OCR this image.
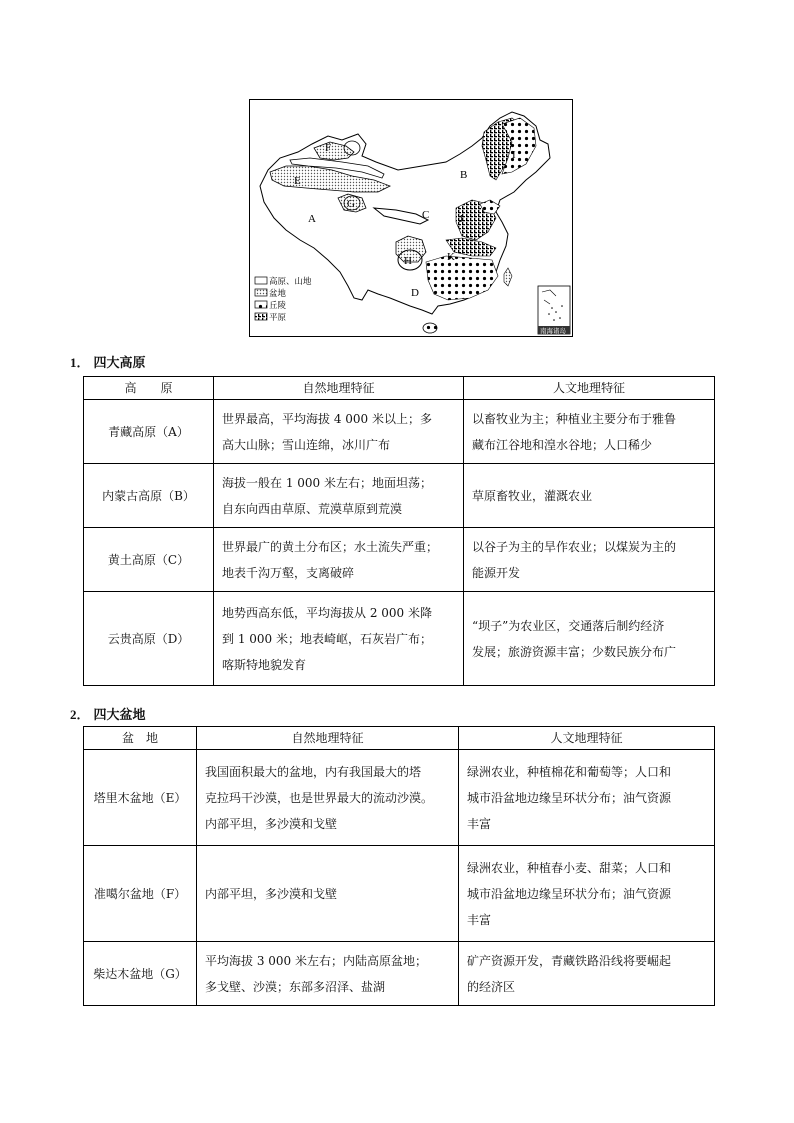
A
B
C
D
E
F
G
H
I
J
K
高原、山地
盆地
丘陵
平原
南海诸岛
1． 四大高原
高　　原	自然地理特征	人文地理特征
青藏高原（A）	世界最高，平均海拔 4 000 米以上；多
高大山脉；雪山连绵，冰川广布	以畜牧业为主；种植业主要分布于雅鲁
藏布江谷地和湟水谷地；人口稀少

内蒙古高原（B）	海拔一般在 1 000 米左右；地面坦荡；
自东向西由草原、荒漠草原到荒漠	草原畜牧业，灌溉农业

黄土高原（C）	世界最广的黄土分布区；水土流失严重；
地表千沟万壑，支离破碎	以谷子为主的旱作农业；以煤炭为主的
能源开发

云贵高原（D）	地势西高东低，平均海拔从 2 000 米降
到 1 000 米；地表崎岖，石灰岩广布；
喀斯特地貌发育	“坝子”为农业区，交通落后制约经济
发展；旅游资源丰富；少数民族分布广
2． 四大盆地
盆　地	自然地理特征	人文地理特征
塔里木盆地（E）	我国面积最大的盆地，内有我国最大的塔
克拉玛干沙漠，也是世界最大的流动沙漠。
内部平坦，多沙漠和戈壁	绿洲农业，种植棉花和葡萄等；人口和
城市沿盆地边缘呈环状分布；油气资源
丰富

准噶尔盆地（F）	内部平坦，多沙漠和戈壁	绿洲农业，种植春小麦、甜菜；人口和
城市沿盆地边缘呈环状分布；油气资源
丰富

柴达木盆地（G）	平均海拔 3 000 米左右；内陆高原盆地；
多戈壁、沙漠；东部多沼泽、盐湖	矿产资源开发，青藏铁路沿线将要崛起
的经济区
